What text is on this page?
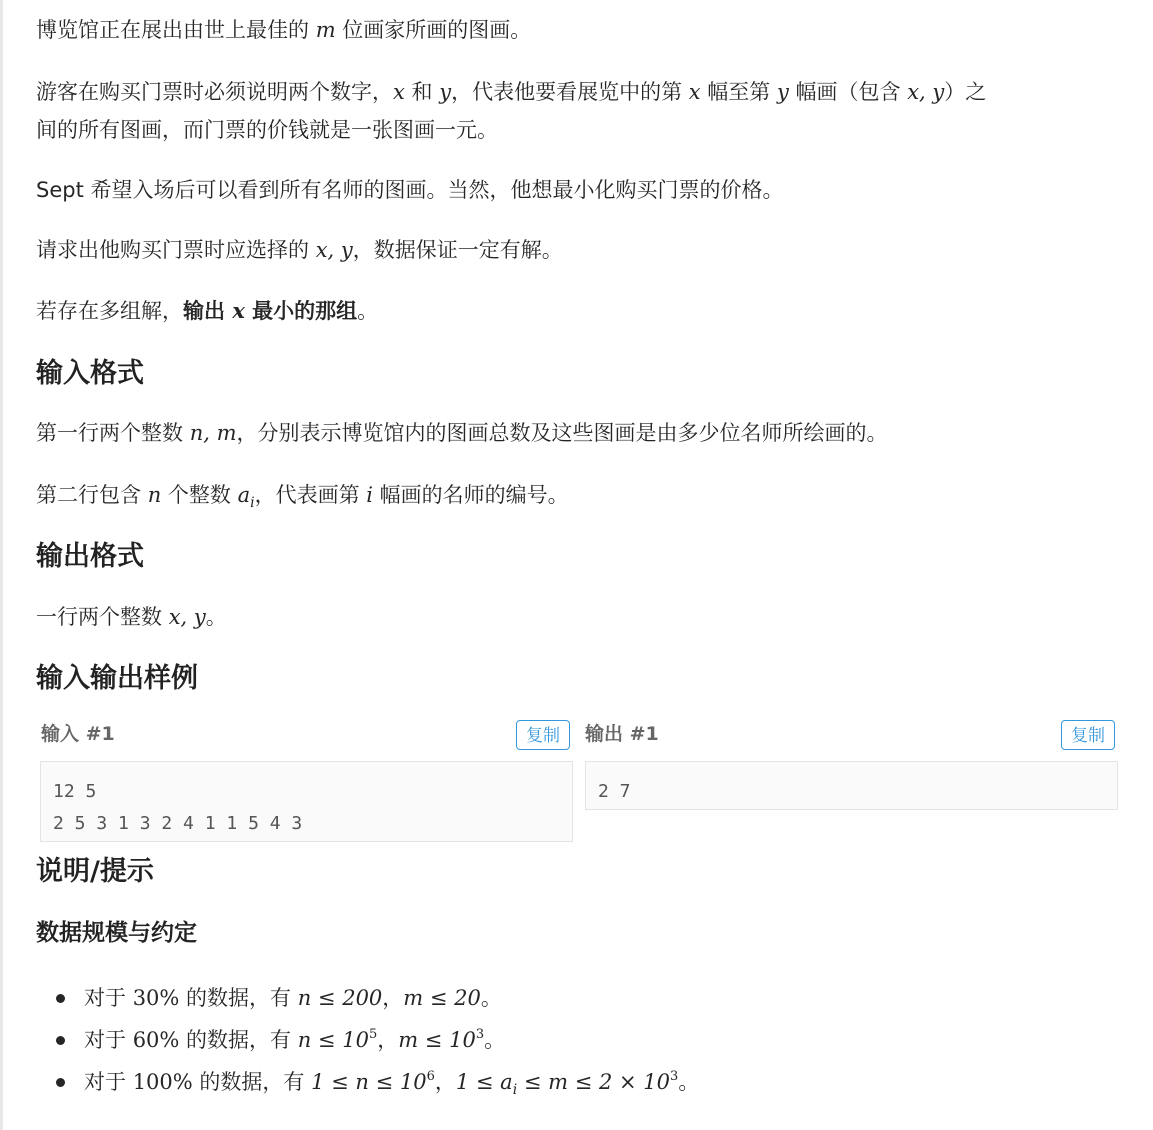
博览馆正在展出由世上最佳的 m 位画家所画的图画。
游客在购买门票时必须说明两个数字，x 和 y，代表他要看展览中的第 x 幅至第 y 幅画（包含 x, y）之
间的所有图画，而门票的价钱就是一张图画一元。
Sept 希望入场后可以看到所有名师的图画。当然，他想最小化购买门票的价格。
请求出他购买门票时应选择的 x, y，数据保证一定有解。
若存在多组解，输出 x 最小的那组。
输入格式
第一行两个整数 n, m，分别表示博览馆内的图画总数及这些图画是由多少位名师所绘画的。
第二行包含 n 个整数 $a_i$，代表画第 i 幅画的名师的编号。
输出格式
一行两个整数 x, y。
输入输出样例
输入 #1	复制
12 5
2 5 3 1 3 2 4 1 1 5 4 3
输出 #1	复制
2 7
说明/提示
数据规模与约定
对于 30% 的数据，有 n ≤ 200，m ≤ 20。
对于 60% 的数据，有 $n \le 10^5$，$m \le 10^3$。
对于 100% 的数据，有 $1 \le n \le 10^6$，$1 \le a_i \le m \le 2 \times 10^3$。
